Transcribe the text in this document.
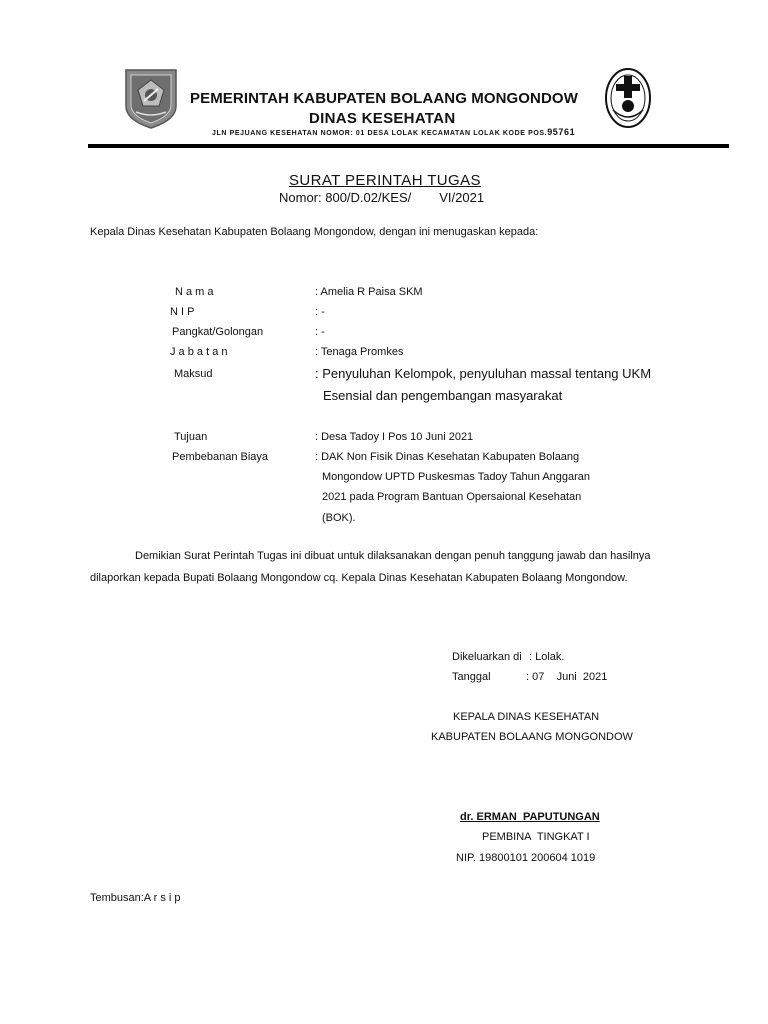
PEMERINTAH KABUPATEN BOLAANG MONGONDOW
DINAS KESEHATAN
JLN PEJUANG KESEHATAN NOMOR: 01 DESA LOLAK KECAMATAN LOLAK KODE POS.95761
SURAT PERINTAH TUGAS
Nomor: 800/D.02/KES/ VI/2021
Kepala Dinas Kesehatan Kabupaten Bolaang Mongondow, dengan ini menugaskan kepada:
N a m a	: Amelia R Paisa SKM
N I P	: -
Pangkat/Golongan	: -
J a b a t a n	: Tenaga Promkes
Maksud	: Penyuluhan Kelompok, penyuluhan massal tentang UKM
Esensial dan pengembangan masyarakat
Tujuan	: Desa Tadoy I Pos 10 Juni 2021
Pembebanan Biaya	: DAK Non Fisik Dinas Kesehatan Kabupaten Bolaang
Mongondow UPTD Puskesmas Tadoy Tahun Anggaran
2021 pada Program Bantuan Opersaional Kesehatan
(BOK).
Demikian Surat Perintah Tugas ini dibuat untuk dilaksanakan dengan penuh tanggung jawab dan hasilnya
dilaporkan kepada Bupati Bolaang Mongondow cq. Kepala Dinas Kesehatan Kabupaten Bolaang Mongondow.
Dikeluarkan di : Lolak.
Tanggal	: 07    Juni  2021
KEPALA DINAS KESEHATAN
KABUPATEN BOLAANG MONGONDOW
dr. ERMAN  PAPUTUNGAN
PEMBINA  TINGKAT I
NIP. 19800101 200604 1019
Tembusan:A r s i p
